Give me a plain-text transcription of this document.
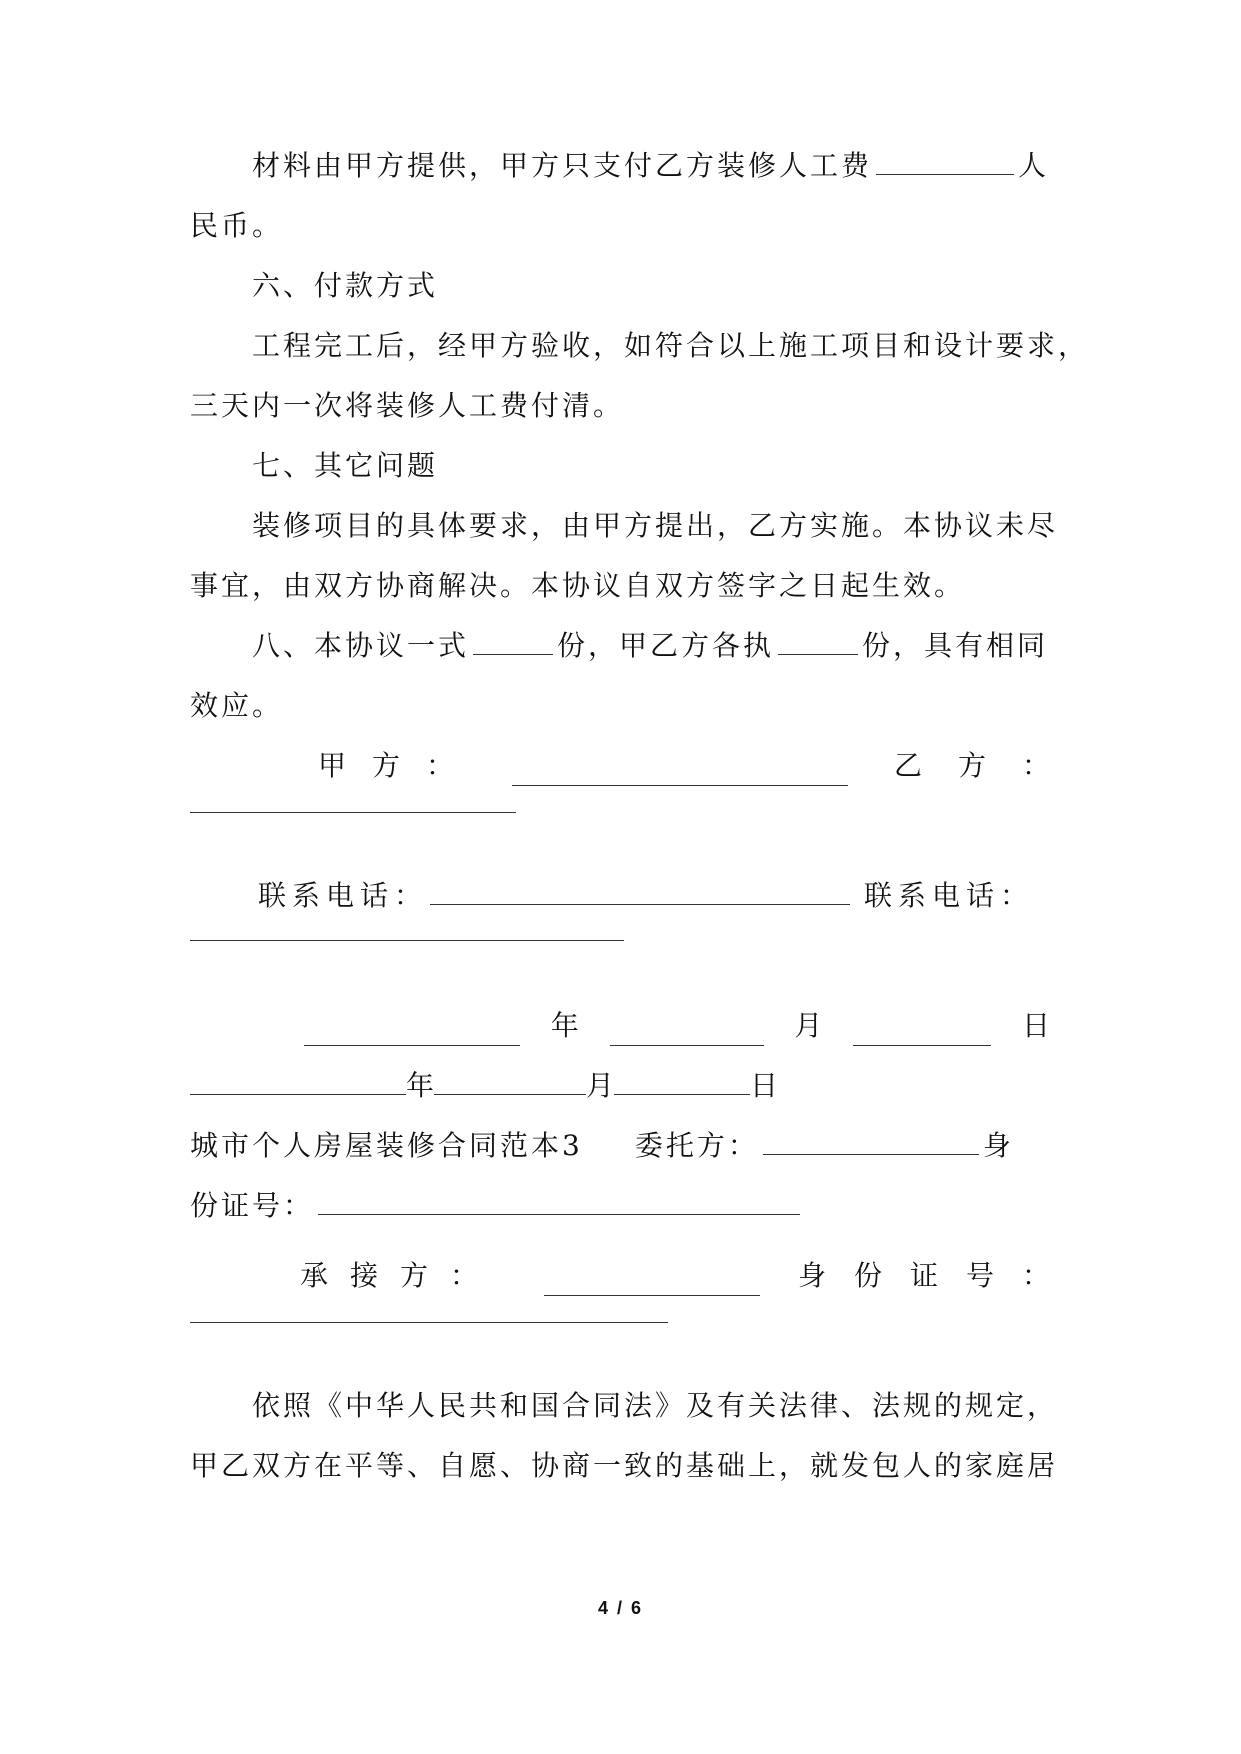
材料由甲方提供，甲方只支付乙方装修人工费	人
民币。
六、付款方式
工程完工后，经甲方验收，如符合以上施工项目和设计要求，
三天内一次将装修人工费付清。
七、其它问题
装修项目的具体要求，由甲方提出，乙方实施。本协议未尽
事宜，由双方协商解决。本协议自双方签字之日起生效。
八、本协议一式	份，甲乙方各执	份，具有相同
效应。
甲方：	乙方：
联系电话：	联系电话：
年	月	日
年	月	日
城市个人房屋装修合同范本3 委托方：	身
份证号：
承接方：	身份证号：
依照《中华人民共和国合同法》及有关法律、法规的规定，
甲乙双方在平等、自愿、协商一致的基础上，就发包人的家庭居
4 / 6
